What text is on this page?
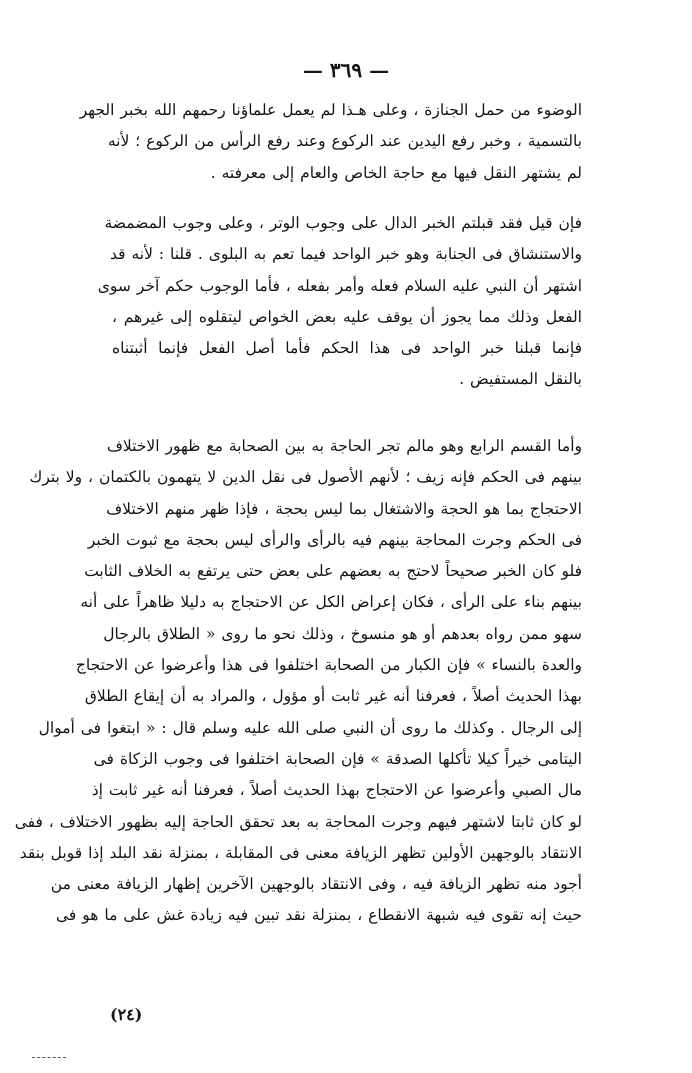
— ٣٦٩ —
الوضوء من حمل الجنازة ، وعلى هـذا لم يعمل علماؤنا رحمهم الله بخبر الجهر
بالتسمية ، وخبر رفع اليدين عند الركوع وعند رفع الرأس من الركوع ؛ لأنه
لم يشتهر النقل فيها مع حاجة الخاص والعام إلى معرفته .
فإن قيل فقد قبلتم الخبر الدال على وجوب الوتر ، وعلى وجوب المضمضة
والاستنشاق فى الجنابة وهو خبر الواحد فيما تعم به البلوى . قلنا : لأنه قد
اشتهر أن النبي عليه السلام فعله وأمر بفعله ، فأما الوجوب حكم آخر سوى
الفعل وذلك مما يجوز أن يوقف عليه بعض الخواص ليتقلوه إلى غيرهم ،
فإنما قبلنا خبر الواحد فى هذا الحكم فأما أصل الفعل فإنما أثبتناه
بالنقل المستفيض .
وأما القسم الرابع وهو مالم تجر الحاجة به بين الصحابة مع ظهور الاختلاف
بينهم فى الحكم فإنه زيف ؛ لأنهم الأصول فى نقل الدين لا يتهمون بالكتمان ، ولا بترك
الاحتجاج بما هو الحجة والاشتغال بما ليس بحجة ، فإذا ظهر منهم الاختلاف
فى الحكم وجرت المحاجة بينهم فيه بالرأى والرأى ليس بحجة مع ثبوت الخبر
فلو كان الخبر صحيحاً لاحتج به بعضهم على بعض حتى يرتفع به الخلاف الثابت
بينهم بناء على الرأى ، فكان إعراض الكل عن الاحتجاج به دليلا ظاهراً على أنه
سهو ممن رواه بعدهم أو هو منسوخ ، وذلك نحو ما روى « الطلاق بالرجال
والعدة بالنساء » فإن الكبار من الصحابة اختلفوا فى هذا وأعرضوا عن الاحتجاج
بهذا الحديث أصلاً ، فعرفنا أنه غير ثابت أو مؤول ، والمراد به أن إيقاع الطلاق
إلى الرجال . وكذلك ما روى أن النبي صلى الله عليه وسلم قال : « ابتغوا فى أموال
اليتامى خيراً كيلا تأكلها الصدقة » فإن الصحابة اختلفوا فى وجوب الزكاة فى
مال الصبي وأعرضوا عن الاحتجاج بهذا الحديث أصلاً ، فعرفنا أنه غير ثابت إذ
لو كان ثابتا لاشتهر فيهم وجرت المحاجة به بعد تحقق الحاجة إليه بظهور الاختلاف ، ففى
الانتقاد بالوجهين الأولين تظهر الزيافة معنى فى المقابلة ، بمنزلة نقد البلد إذا قوبل بنقد
أجود منه تظهر الزيافة فيه ، وفى الانتقاد بالوجهين الآخرين إظهار الزيافة معنى من
حيث إنه تقوى فيه شبهة الانقطاع ، بمنزلة نقد تبين فيه زيادة غش على ما هو فى
(٢٤)
